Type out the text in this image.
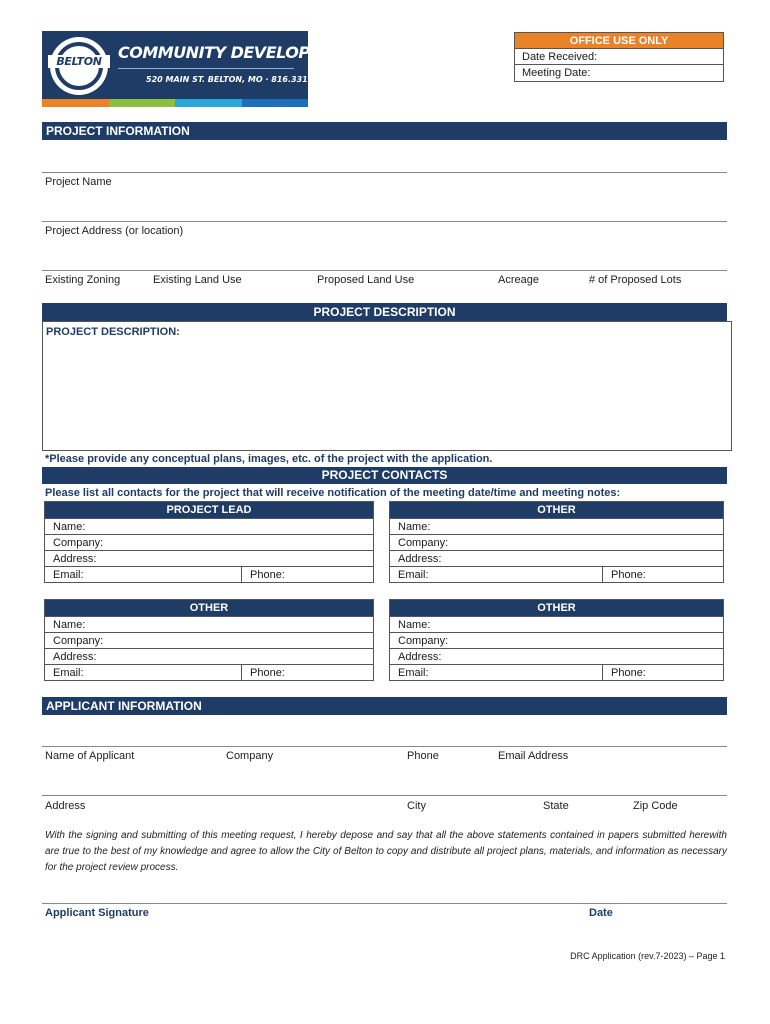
BELTON	COMMUNITY DEVELOPMENT
520 MAIN ST. BELTON, MO · 816.331.4331
OFFICE USE ONLY
Date Received:
Meeting Date:
PROJECT INFORMATION
Project Name
Project Address (or location)
Existing Zoning	Existing Land Use	Proposed Land Use	Acreage	# of Proposed Lots
PROJECT DESCRIPTION
PROJECT DESCRIPTION:
*Please provide any conceptual plans, images, etc. of the project with the application.
PROJECT CONTACTS
Please list all contacts for the project that will receive notification of the meeting date/time and meeting notes:
PROJECT LEAD
Name:
Company:
Address:
Email:	Phone:
OTHER
Name:
Company:
Address:
Email:	Phone:
OTHER
Name:
Company:
Address:
Email:	Phone:
OTHER
Name:
Company:
Address:
Email:	Phone:
APPLICANT INFORMATION
Name of Applicant	Company	Phone	Email Address
Address	City	State	Zip Code
With the signing and submitting of this meeting request, I hereby depose and say that all the above statements contained in papers submitted herewith are true to the best of my knowledge and agree to allow the City of Belton to copy and distribute all project plans, materials, and information as necessary for the project review process.
Applicant Signature	Date
DRC Application (rev.7-2023) – Page 1
